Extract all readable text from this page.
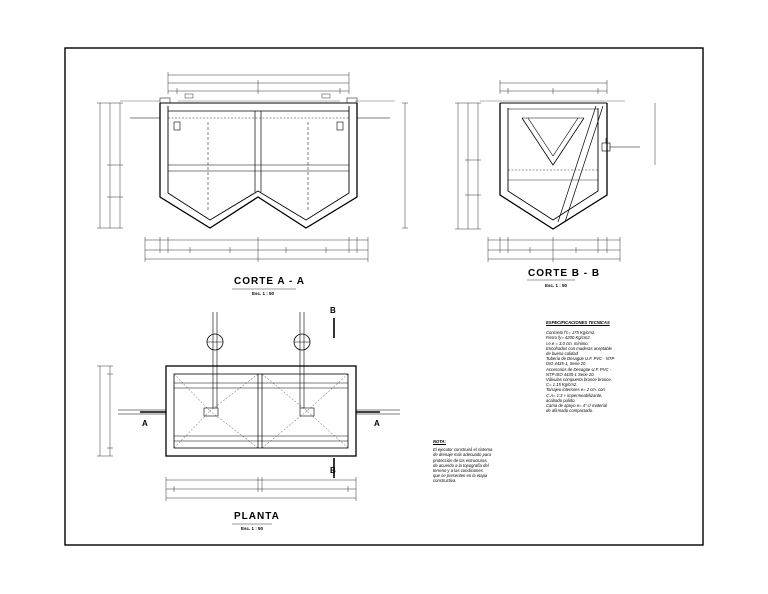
CORTE A - A
Esc. 1 : 50
CORTE B - B
Esc. 1 : 50
PLANTA
Esc. 1 : 50
A	A
B
B
ESPECIFICACIONES TECNICAS
Concreto f'c= 175 Kg/cm2.
Fierro fy= 4200 Kg/cm2.
r.e.e = 3.0 cm. mínimo.
Encofrados con maderas aceptable
de buena calidad
Tubería de Desagüe U.F. PVC - NTP
ISO 4435-1, Serie 20
Accesorios de Desagüe U.F. PVC -
NTP ISO 4435-1 Serie 20.
Válvulas compuerta bronce bronce.
C= 1.15 Kg/cm2.
Tarrajeo interiores e= 2 cm. con
C:A= 1:3 + impermeabilizante,
acabado pulido.
Cama de apoyo e= 4" c/ material
de afirmado compactado.
NOTA:
El ejecutor construirá el sistema
de drenaje más adecuado para
protección de las estructuras,
de acuerdo a la topografía del
terreno y a las condiciones
que se presenten en la etapa
constructiva.
